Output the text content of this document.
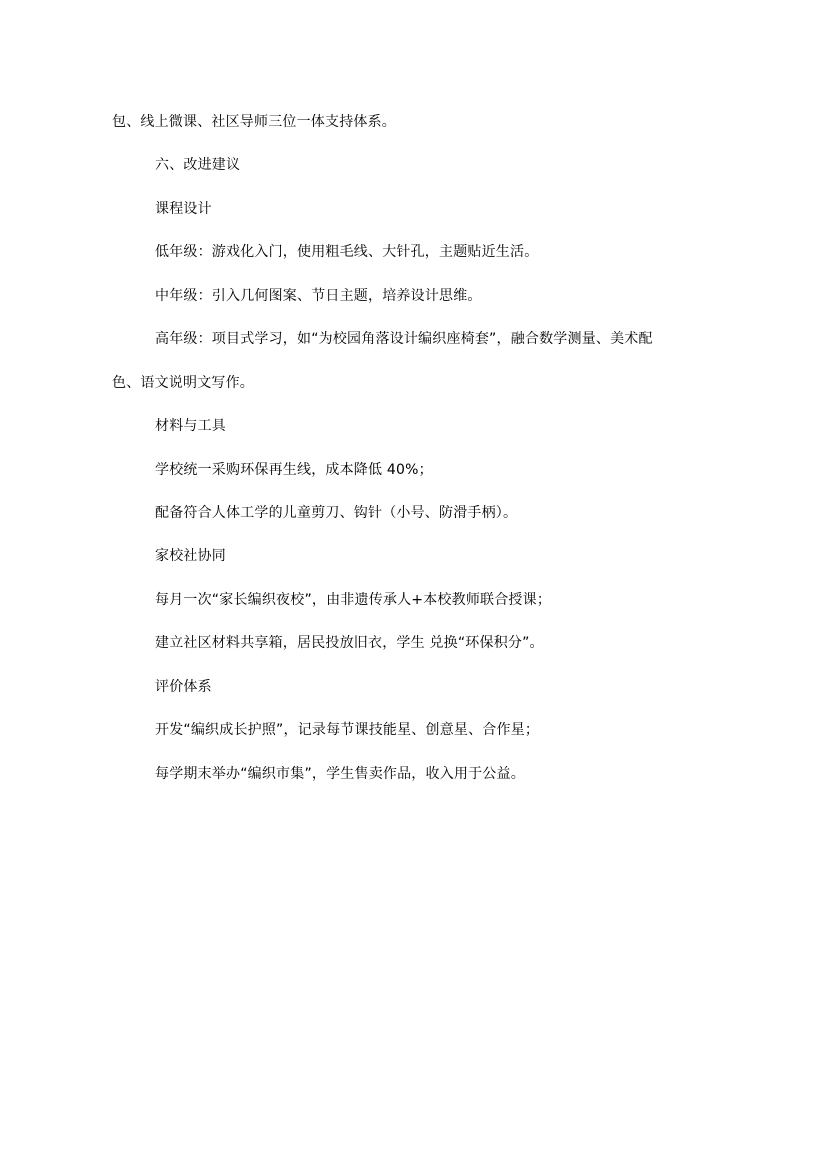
包、线上微课、社区导师三位一体支持体系。
六、改进建议
课程设计
低年级：游戏化入门，使用粗毛线、大针孔，主题贴近生活。
中年级：引入几何图案、节日主题，培养设计思维。
高年级：项目式学习，如“为校园角落设计编织座椅套”，融合数学测量、美术配
色、语文说明文写作。
材料与工具
学校统一采购环保再生线，成本降低 40%；
配备符合人体工学的儿童剪刀、钩针（小号、防滑手柄）。
家校社协同
每月一次“家长编织夜校”，由非遗传承人+本校教师联合授课；
建立社区材料共享箱，居民投放旧衣，学生 兑换“环保积分”。
评价体系
开发“编织成长护照”，记录每节课技能星、创意星、合作星；
每学期末举办“编织市集”，学生售卖作品，收入用于公益。
